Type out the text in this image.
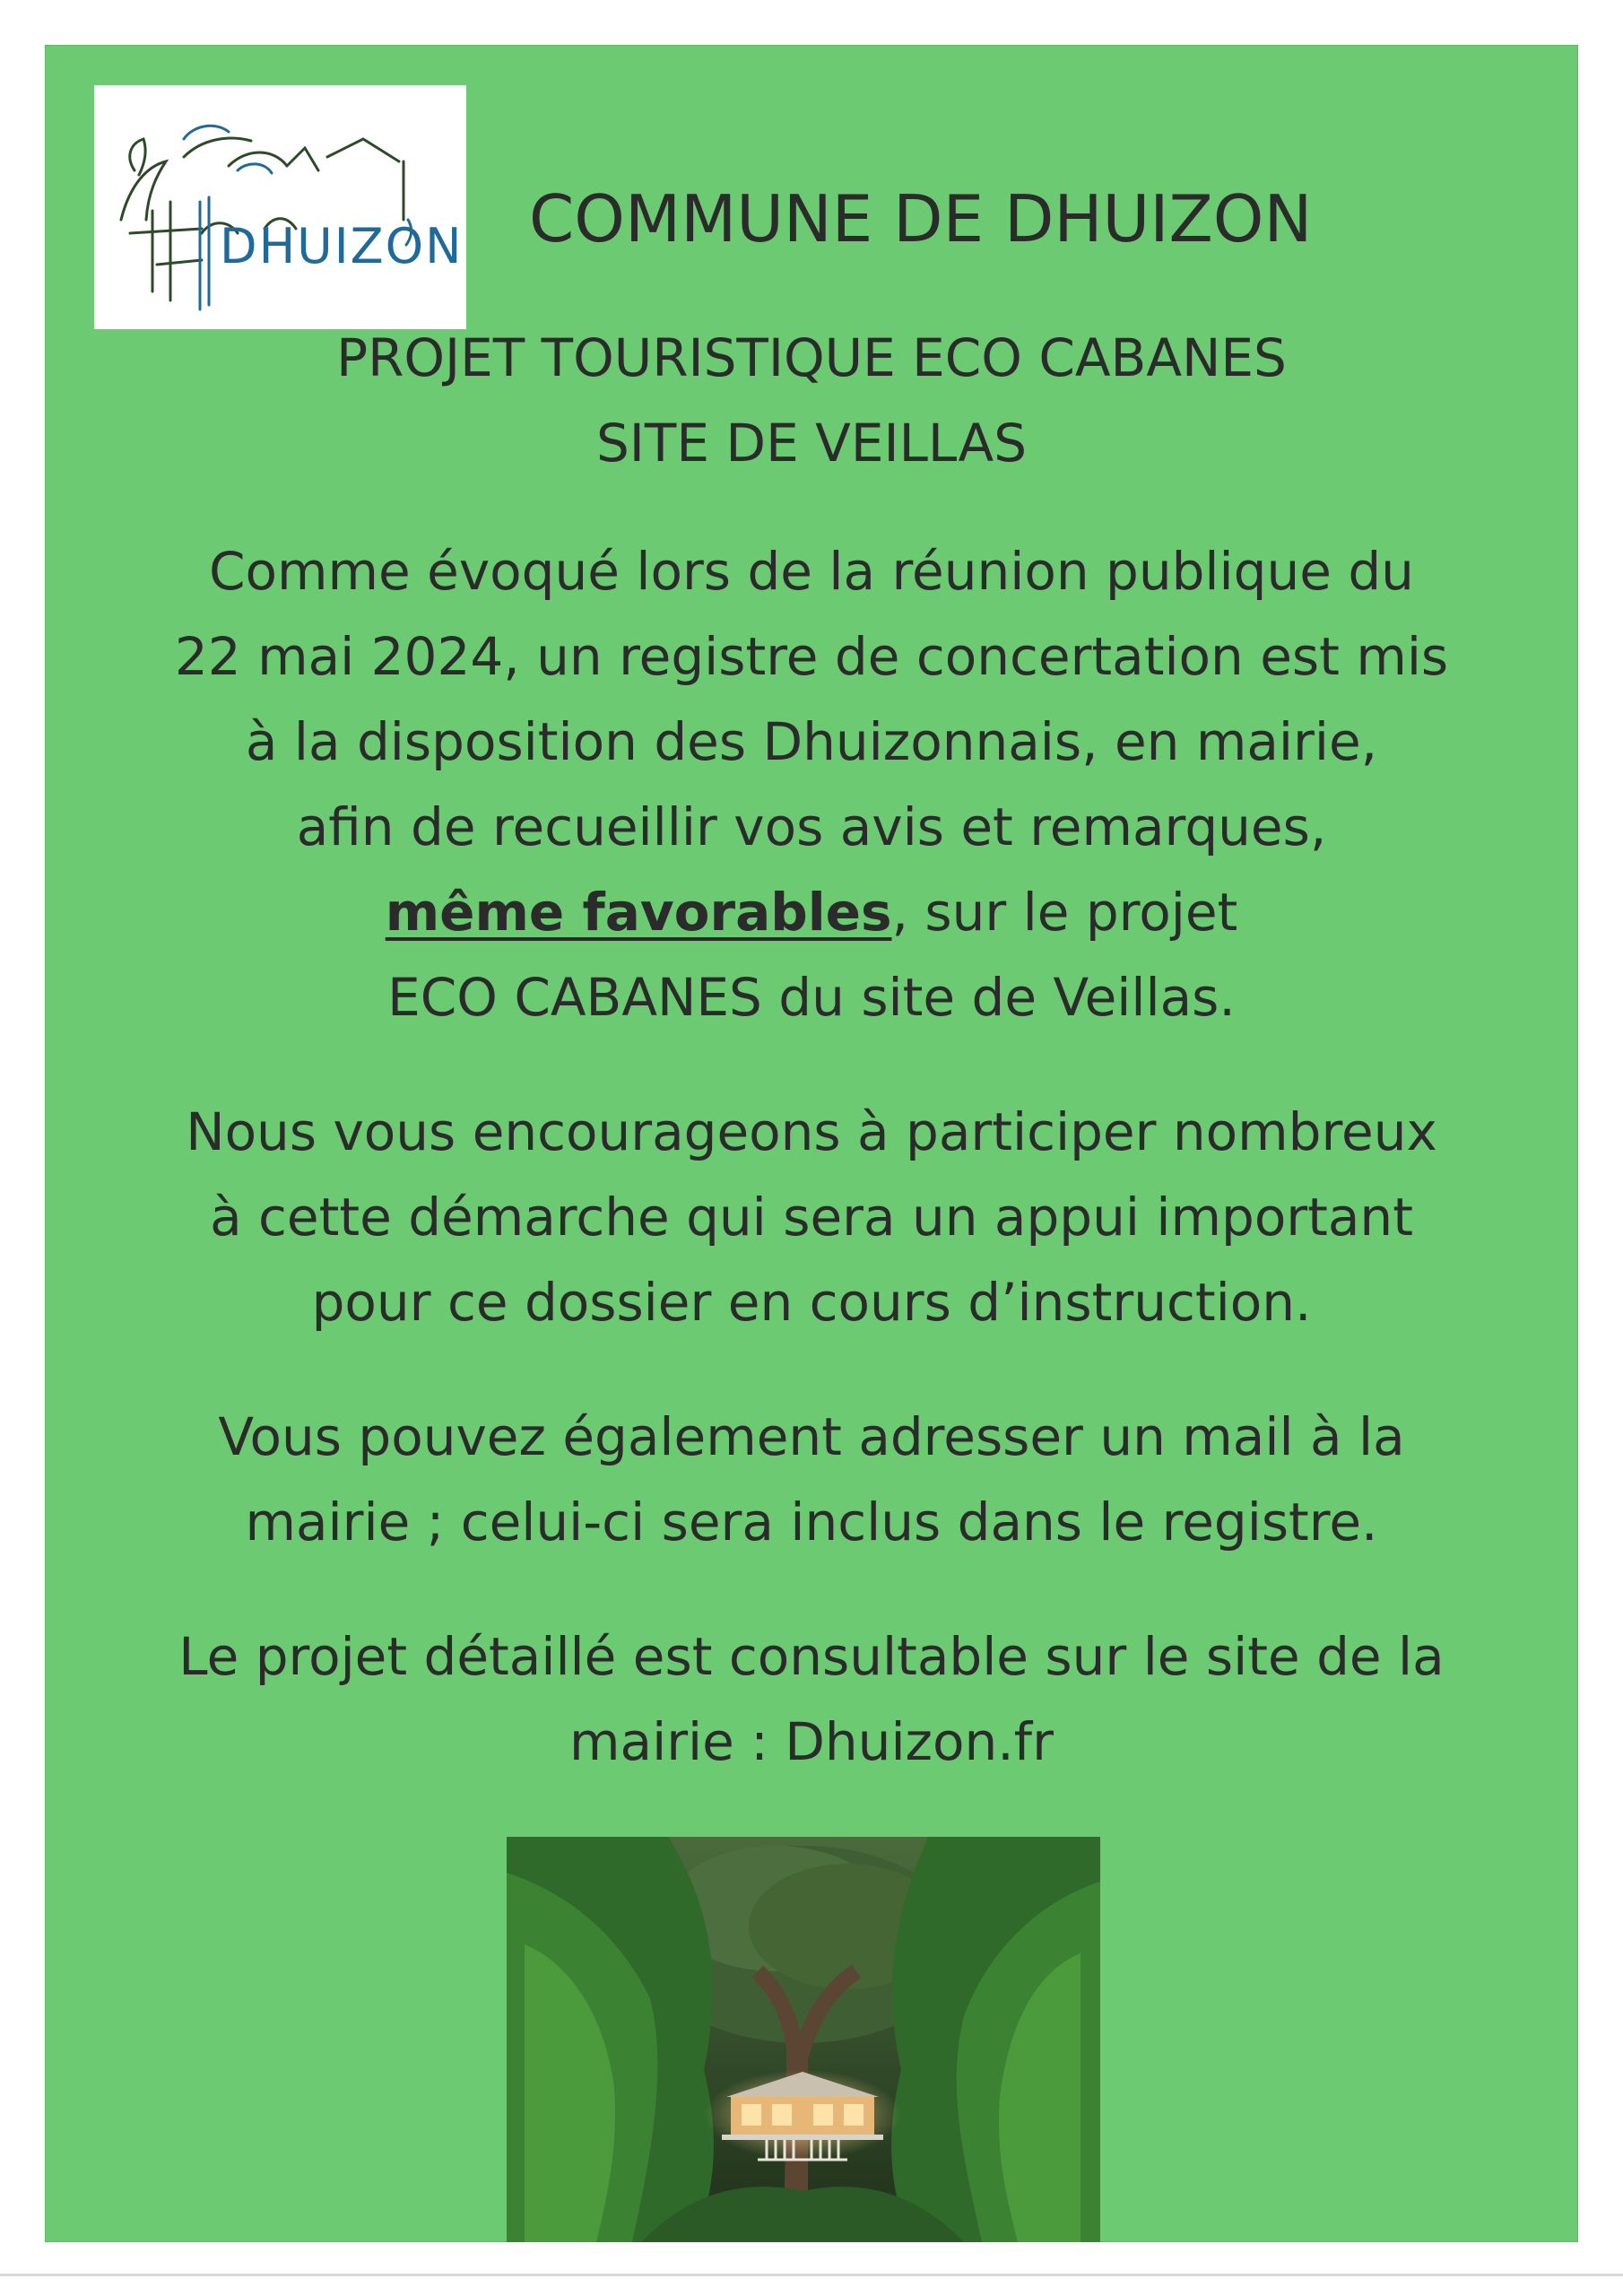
DHUIZON COMMUNE DE DHUIZON
PROJET TOURISTIQUE ECO CABANES
SITE DE VEILLAS
Comme évoqué lors de la réunion publique du
22 mai 2024, un registre de concertation est mis
à la disposition des Dhuizonnais, en mairie,
afin de recueillir vos avis et remarques,
même favorables, sur le projet
ECO CABANES du site de Veillas.
Nous vous encourageons à participer nombreux
à cette démarche qui sera un appui important
pour ce dossier en cours d’instruction.
Vous pouvez également adresser un mail à la
mairie ; celui-ci sera inclus dans le registre.
Le projet détaillé est consultable sur le site de la
mairie : Dhuizon.fr
